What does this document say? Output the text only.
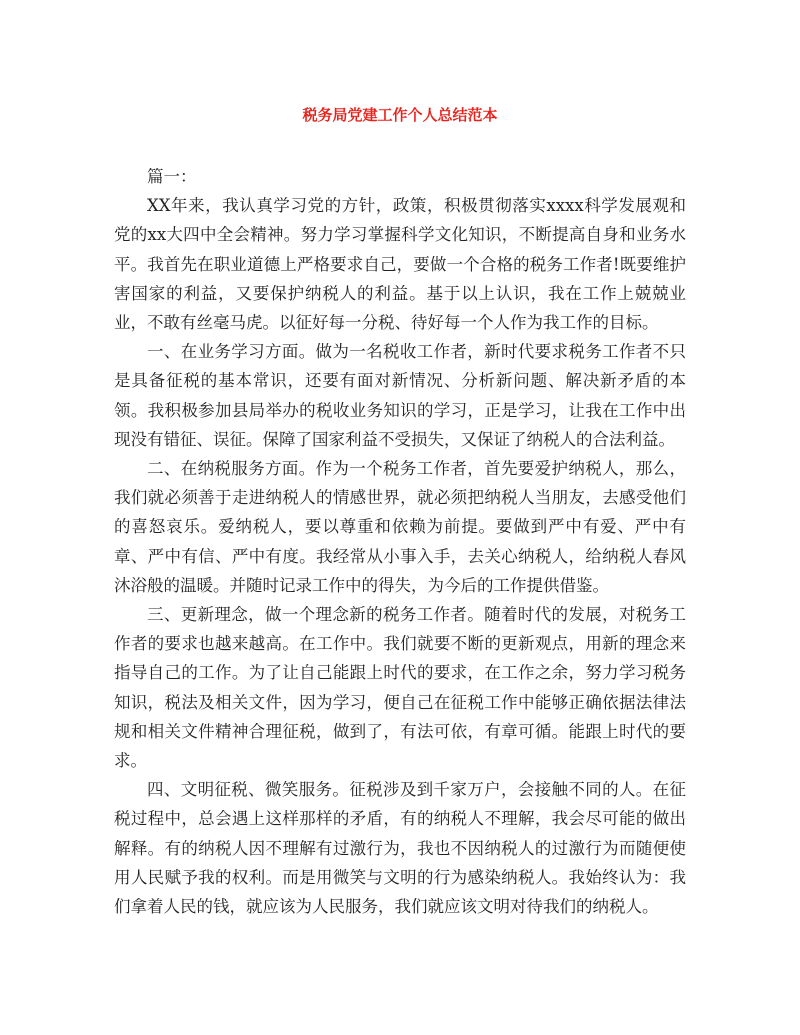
税务局党建工作个人总结范本

篇一：

XX年来，我认真学习党的方针，政策，积极贯彻落实xxxx科学发展观和党的xx大四中全会精神。努力学习掌握科学文化知识，不断提高自身和业务水平。我首先在职业道德上严格要求自己，要做一个合格的税务工作者!既要维护害国家的利益，又要保护纳税人的利益。基于以上认识，我在工作上兢兢业业，不敢有丝毫马虎。以征好每一分税、待好每一个人作为我工作的目标。

一、在业务学习方面。做为一名税收工作者，新时代要求税务工作者不只是具备征税的基本常识，还要有面对新情况、分析新问题、解决新矛盾的本领。我积极参加县局举办的税收业务知识的学习，正是学习，让我在工作中出现没有错征、误征。保障了国家利益不受损失，又保证了纳税人的合法利益。

二、在纳税服务方面。作为一个税务工作者，首先要爱护纳税人，那么，我们就必须善于走进纳税人的情感世界，就必须把纳税人当朋友，去感受他们的喜怒哀乐。爱纳税人，要以尊重和依赖为前提。要做到严中有爱、严中有章、严中有信、严中有度。我经常从小事入手，去关心纳税人，给纳税人春风沐浴般的温暖。并随时记录工作中的得失，为今后的工作提供借鉴。

三、更新理念，做一个理念新的税务工作者。随着时代的发展，对税务工作者的要求也越来越高。在工作中。我们就要不断的更新观点，用新的理念来指导自己的工作。为了让自己能跟上时代的要求，在工作之余，努力学习税务知识，税法及相关文件，因为学习，便自己在征税工作中能够正确依据法律法规和相关文件精神合理征税，做到了，有法可依，有章可循。能跟上时代的要求。

四、文明征税、微笑服务。征税涉及到千家万户，会接触不同的人。在征税过程中，总会遇上这样那样的矛盾，有的纳税人不理解，我会尽可能的做出解释。有的纳税人因不理解有过激行为，我也不因纳税人的过激行为而随便使用人民赋予我的权利。而是用微笑与文明的行为感染纳税人。我始终认为：我们拿着人民的钱，就应该为人民服务，我们就应该文明对待我们的纳税人。
